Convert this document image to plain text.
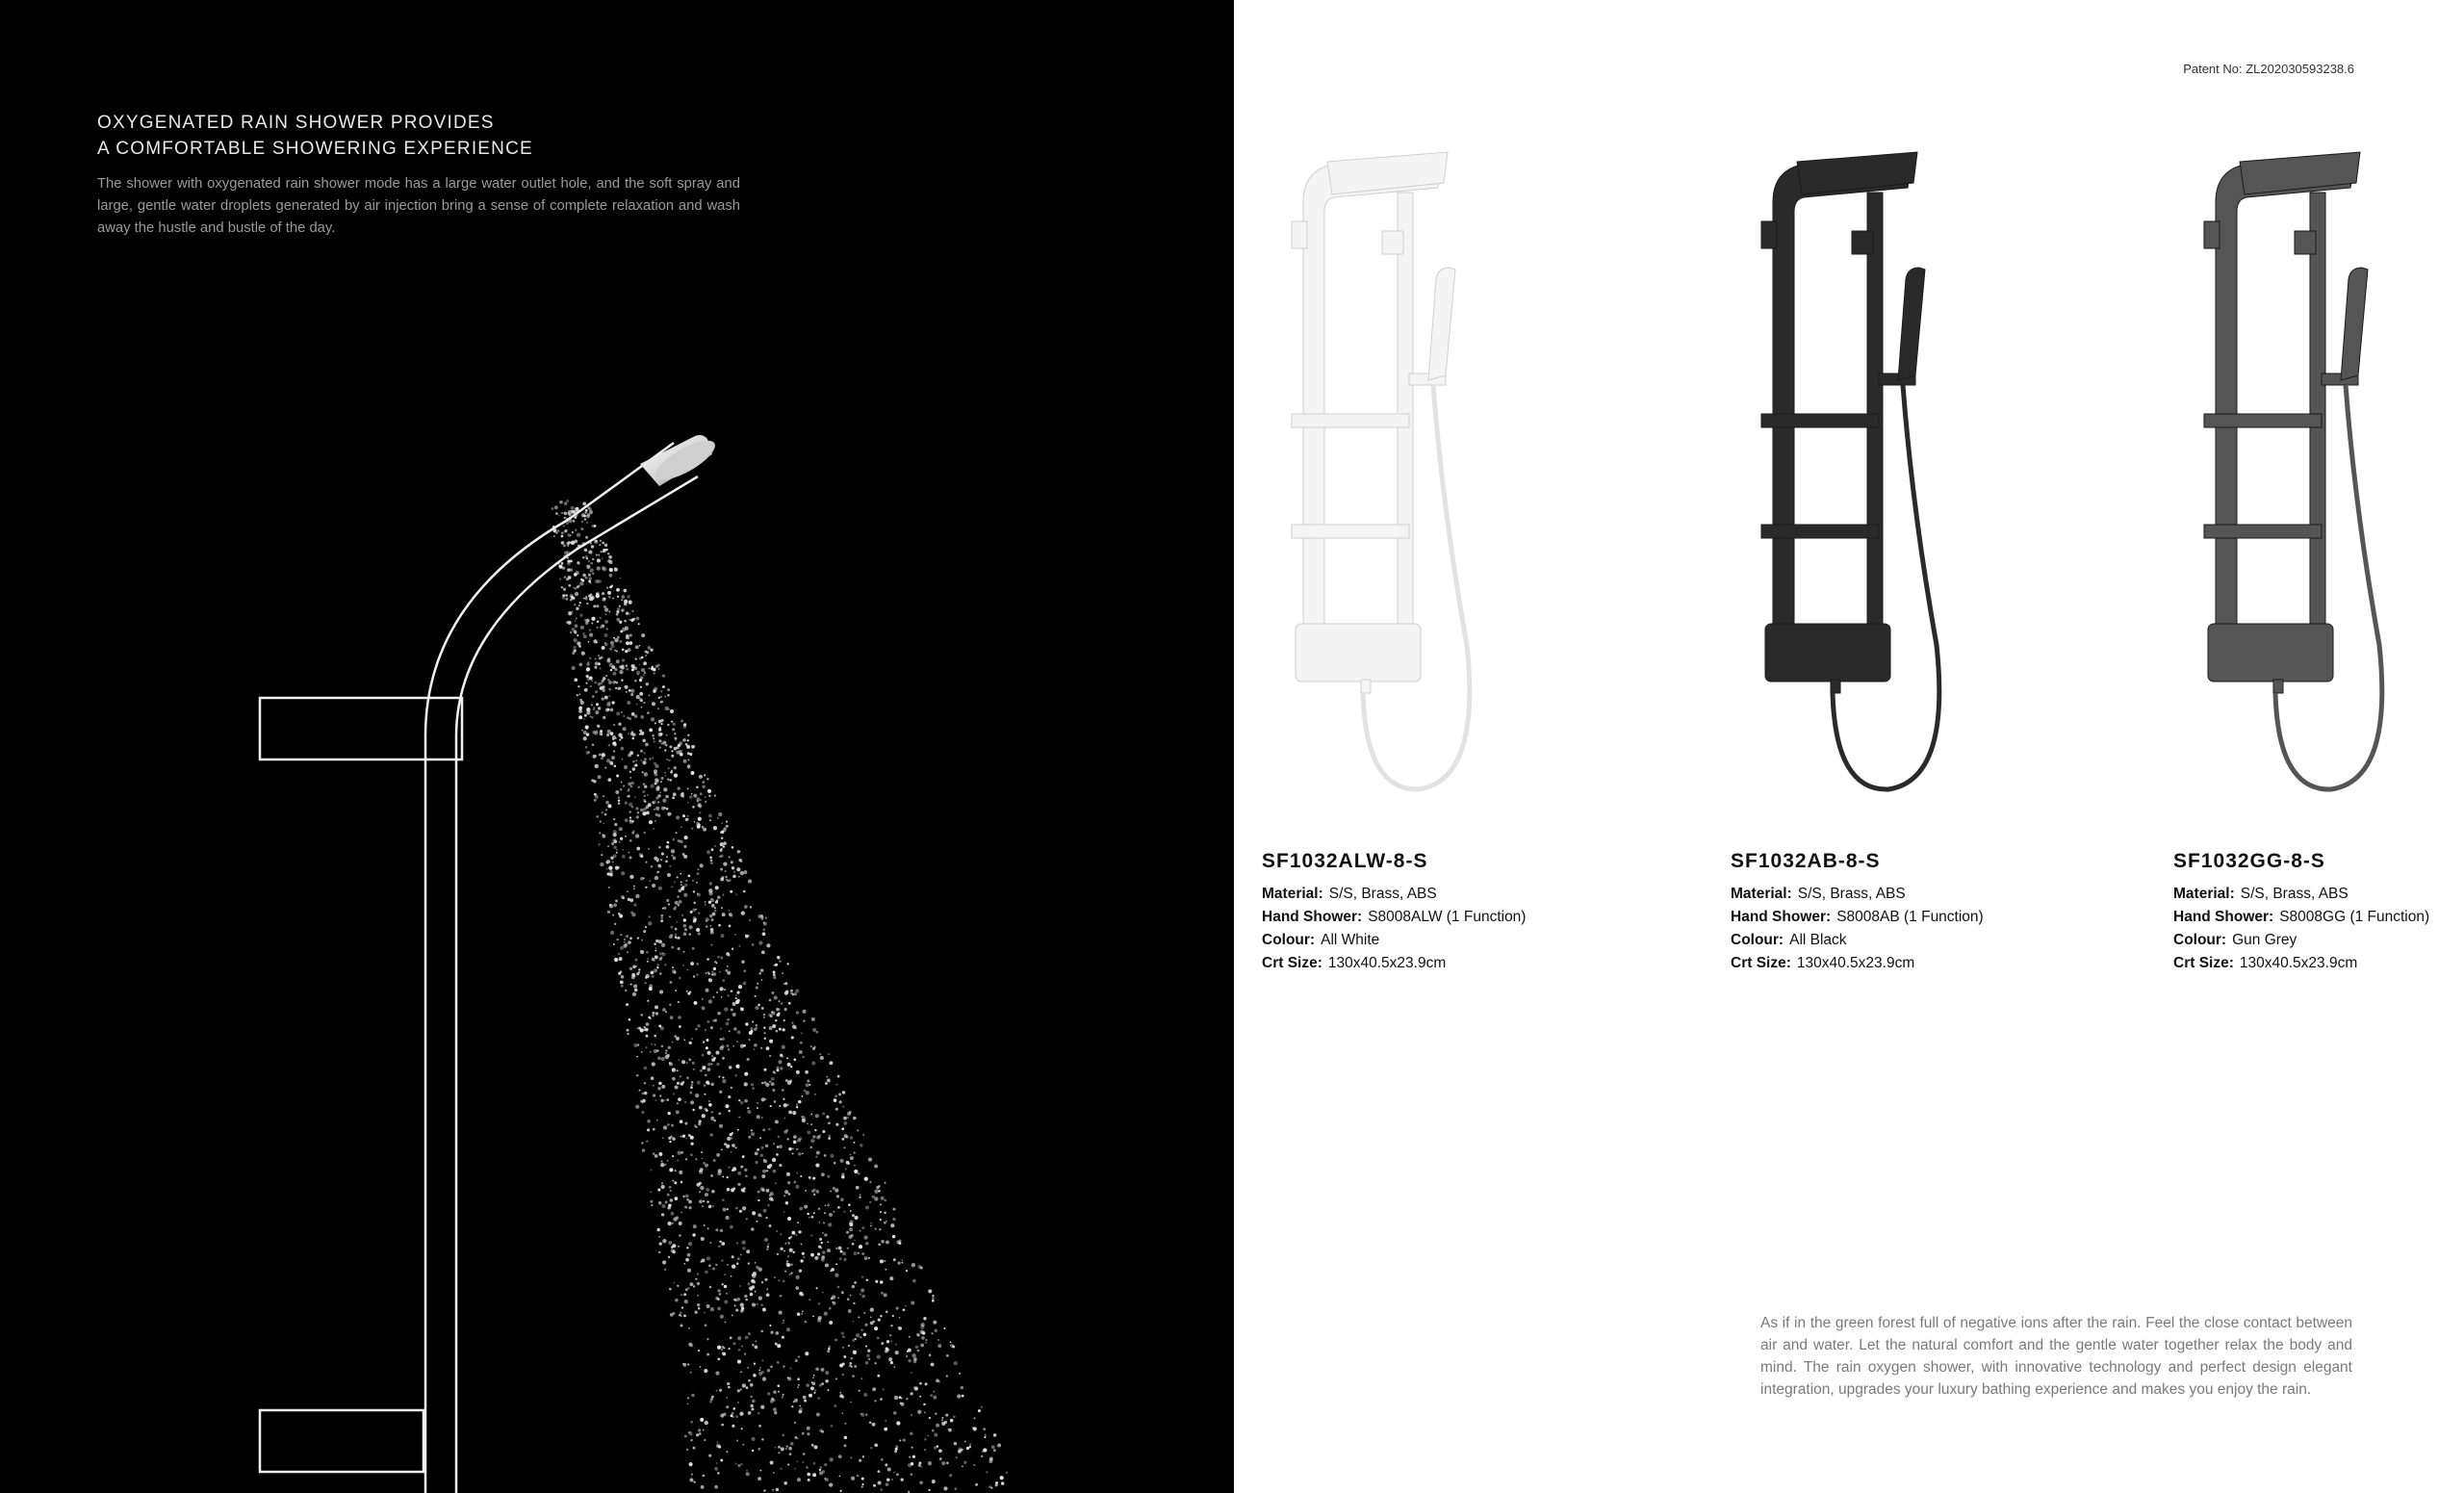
OXYGENATED RAIN SHOWER PROVIDES
A COMFORTABLE SHOWERING EXPERIENCE
The shower with oxygenated rain shower mode has a large water outlet hole, and the soft spray and large, gentle water droplets generated by air injection bring a sense of complete relaxation and wash away the hustle and bustle of the day.
Patent No: ZL202030593238.6
SF1032ALW-8-S
Material: S/S, Brass, ABS
Hand Shower: S8008ALW (1 Function)
Colour: All White
Crt Size: 130x40.5x23.9cm
SF1032AB-8-S
Material: S/S, Brass, ABS
Hand Shower: S8008AB (1 Function)
Colour: All Black
Crt Size: 130x40.5x23.9cm
SF1032GG-8-S
Material: S/S, Brass, ABS
Hand Shower: S8008GG (1 Function)
Colour: Gun Grey
Crt Size: 130x40.5x23.9cm
As if in the green forest full of negative ions after the rain. Feel the close contact between air and water. Let the natural comfort and the gentle water together relax the body and mind. The rain oxygen shower, with innovative technology and perfect design elegant integration, upgrades your luxury bathing experience and makes you enjoy the rain.
